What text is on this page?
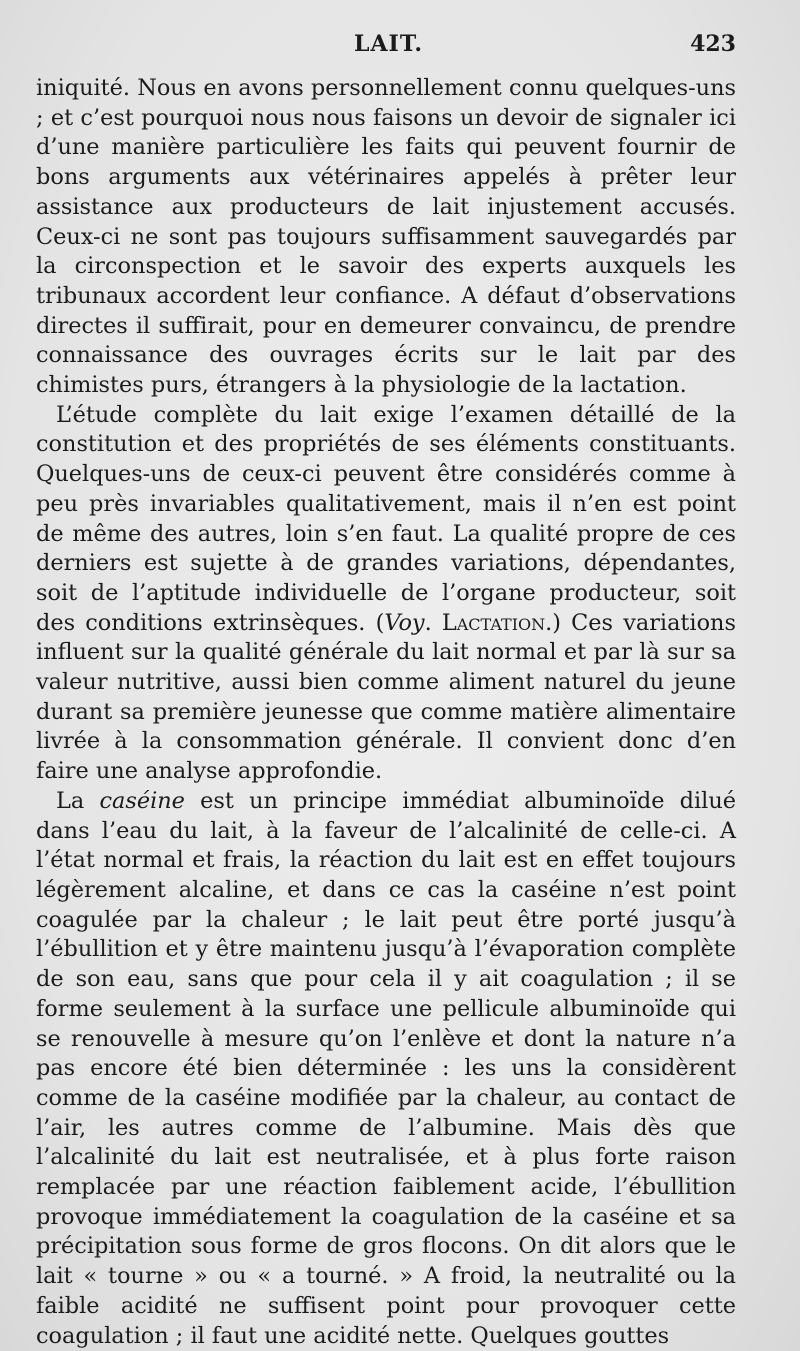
LAIT.	423

iniquité. Nous en avons personnellement connu quelques-uns ; et c’est pourquoi nous nous faisons un devoir de signaler ici d’une manière particulière les faits qui peuvent fournir de bons arguments aux vétérinaires appelés à prêter leur assistance aux producteurs de lait injustement accusés. Ceux-ci ne sont pas toujours suffisamment sauvegardés par la circonspection et le savoir des experts auxquels les tribunaux accordent leur confiance. A défaut d’observations directes il suffirait, pour en demeurer convaincu, de prendre connaissance des ouvrages écrits sur le lait par des chimistes purs, étrangers à la physiologie de la lactation.

L’étude complète du lait exige l’examen détaillé de la constitution et des propriétés de ses éléments constituants. Quelques-uns de ceux-ci peuvent être considérés comme à peu près invariables qualitativement, mais il n’en est point de même des autres, loin s’en faut. La qualité propre de ces derniers est sujette à de grandes variations, dépendantes, soit de l’aptitude individuelle de l’organe producteur, soit des conditions extrinsèques. (Voy. Lactation.) Ces variations influent sur la qualité générale du lait normal et par là sur sa valeur nutritive, aussi bien comme aliment naturel du jeune durant sa première jeunesse que comme matière alimentaire livrée à la consommation générale. Il convient donc d’en faire une analyse approfondie.

La caséine est un principe immédiat albuminoïde dilué dans l’eau du lait, à la faveur de l’alcalinité de celle-ci. A l’état normal et frais, la réaction du lait est en effet toujours légèrement alcaline, et dans ce cas la caséine n’est point coagulée par la chaleur ; le lait peut être porté jusqu’à l’ébullition et y être maintenu jusqu’à l’évaporation complète de son eau, sans que pour cela il y ait coagulation ; il se forme seulement à la surface une pellicule albuminoïde qui se renouvelle à mesure qu’on l’enlève et dont la nature n’a pas encore été bien déterminée : les uns la considèrent comme de la caséine modifiée par la chaleur, au contact de l’air, les autres comme de l’albumine. Mais dès que l’alcalinité du lait est neutralisée, et à plus forte raison remplacée par une réaction faiblement acide, l’ébullition provoque immédiatement la coagulation de la caséine et sa précipitation sous forme de gros flocons. On dit alors que le lait « tourne » ou « a tourné. » A froid, la neutralité ou la faible acidité ne suffisent point pour provoquer cette coagulation ; il faut une acidité nette. Quelques gouttes
